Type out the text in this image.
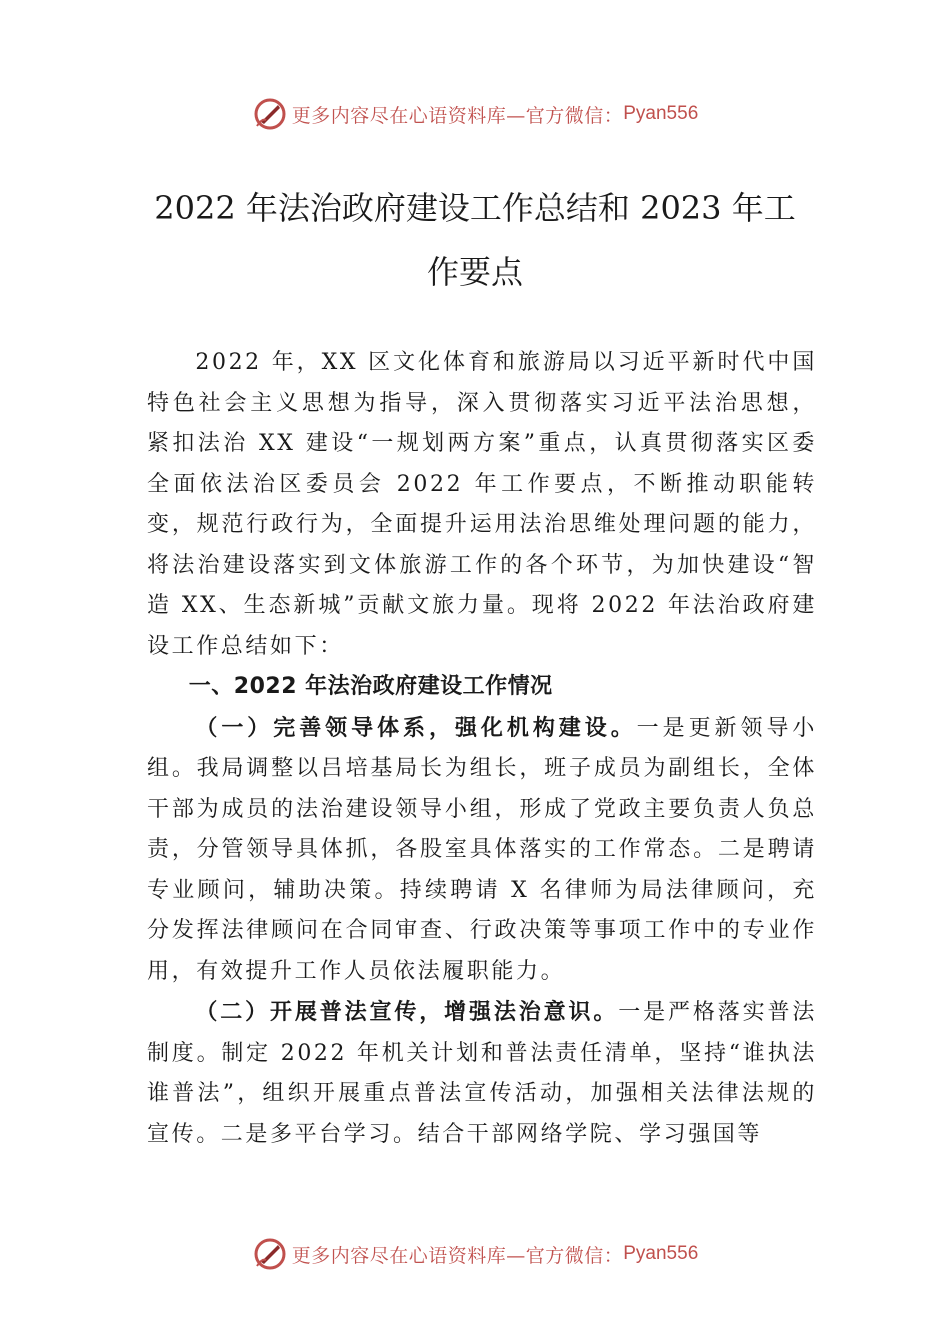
更多内容尽在心语资料库—官方微信： Pyan556
2022 年法治政府建设工作总结和 2023 年工
作要点

2022 年，XX 区文化体育和旅游局以习近平新时代中国特色社会主义思想为指导，深入贯彻落实习近平法治思想， 紧扣法治 XX 建设“一规划两方案”重点，认真贯彻落实区委全面依法治区委员会 2022 年工作要点，不断推动职能转变，规范行政行为，全面提升运用法治思维处理问题的能力， 将法治建设落实到文体旅游工作的各个环节，为加快建设“智造 XX、生态新城”贡献文旅力量。现将 2022 年法治政府建设工作总结如下：

一、2022 年法治政府建设工作情况

（一）完善领导体系，强化机构建设。一是更新领导小组。我局调整以吕培基局长为组长，班子成员为副组长，全体干部为成员的法治建设领导小组，形成了党政主要负责人负总责，分管领导具体抓，各股室具体落实的工作常态。二是聘请专业顾问，辅助决策。持续聘请 X 名律师为局法律顾问，充分发挥法律顾问在合同审查、行政决策等事项工作中的专业作用，有效提升工作人员依法履职能力。

（二）开展普法宣传，增强法治意识。一是严格落实普法制度。制定 2022 年机关计划和普法责任清单，坚持“谁执法谁普法”，组织开展重点普法宣传活动，加强相关法律法规的宣传。二是多平台学习。结合干部网络学院、学习强国等

更多内容尽在心语资料库—官方微信： Pyan556
